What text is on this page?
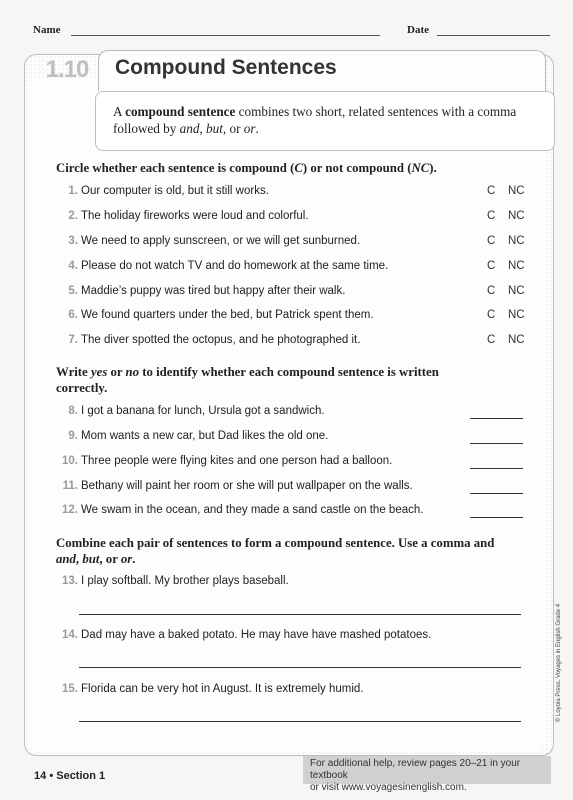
Name	Date
1.10	Compound Sentences
A compound sentence combines two short, related sentences with a comma followed by and, but, or or.
Circle whether each sentence is compound (C) or not compound (NC).
1. Our computer is old, but it still works.	C NC
2. The holiday fireworks were loud and colorful.	C NC
3. We need to apply sunscreen, or we will get sunburned.	C NC
4. Please do not watch TV and do homework at the same time.	C NC
5. Maddie’s puppy was tired but happy after their walk.	C NC
6. We found quarters under the bed, but Patrick spent them.	C NC
7. The diver spotted the octopus, and he photographed it.	C NC
Write yes or no to identify whether each compound sentence is written correctly.
8. I got a banana for lunch, Ursula got a sandwich.
9. Mom wants a new car, but Dad likes the old one.
10. Three people were flying kites and one person had a balloon.
11. Bethany will paint her room or she will put wallpaper on the walls.
12. We swam in the ocean, and they made a sand castle on the beach.
Combine each pair of sentences to form a compound sentence. Use a comma and and, but, or or.
13. I play softball. My brother plays baseball.
14. Dad may have a baked potato. He may have have mashed potatoes.
15. Florida can be very hot in August. It is extremely humid.	© Loyola Press. Voyages in English Grade 4
14 • Section 1
For additional help, review pages 20–21 in your textbook
or visit www.voyagesinenglish.com.
